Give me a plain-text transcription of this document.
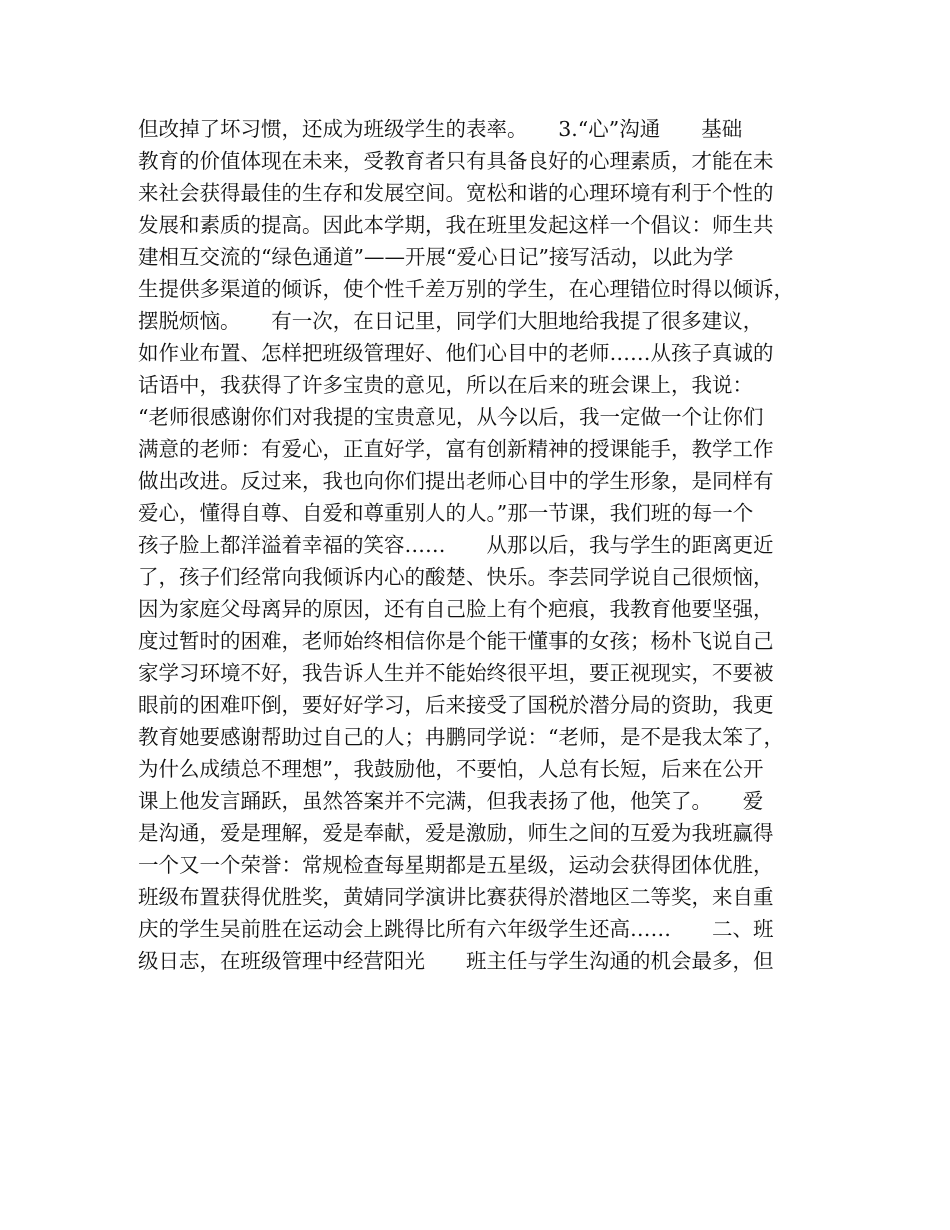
但改掉了坏习惯，还成为班级学生的表率。　　3.“心”沟通　　基础
教育的价值体现在未来，受教育者只有具备良好的心理素质，才能在未
来社会获得最佳的生存和发展空间。宽松和谐的心理环境有利于个性的
发展和素质的提高。因此本学期，我在班里发起这样一个倡议：师生共
建相互交流的“绿色通道”——开展“爱心日记”接写活动，以此为学
生提供多渠道的倾诉，使个性千差万别的学生，在心理错位时得以倾诉，
摆脱烦恼。　　有一次，在日记里，同学们大胆地给我提了很多建议，
如作业布置、怎样把班级管理好、他们心目中的老师……从孩子真诚的
话语中，我获得了许多宝贵的意见，所以在后来的班会课上，我说：
“老师很感谢你们对我提的宝贵意见，从今以后，我一定做一个让你们
满意的老师：有爱心，正直好学，富有创新精神的授课能手，教学工作
做出改进。反过来，我也向你们提出老师心目中的学生形象，是同样有
爱心，懂得自尊、自爱和尊重别人的人。”那一节课，我们班的每一个
孩子脸上都洋溢着幸福的笑容……　　从那以后，我与学生的距离更近
了，孩子们经常向我倾诉内心的酸楚、快乐。李芸同学说自己很烦恼，
因为家庭父母离异的原因，还有自己脸上有个疤痕，我教育他要坚强，
度过暂时的困难，老师始终相信你是个能干懂事的女孩；杨朴飞说自己
家学习环境不好，我告诉人生并不能始终很平坦，要正视现实，不要被
眼前的困难吓倒，要好好学习，后来接受了国税於潜分局的资助，我更
教育她要感谢帮助过自己的人；冉鹏同学说：“老师，是不是我太笨了，
为什么成绩总不理想”，我鼓励他，不要怕，人总有长短，后来在公开
课上他发言踊跃，虽然答案并不完满，但我表扬了他，他笑了。　　爱
是沟通，爱是理解，爱是奉献，爱是激励，师生之间的互爱为我班赢得
一个又一个荣誉：常规检查每星期都是五星级，运动会获得团体优胜，
班级布置获得优胜奖，黄婧同学演讲比赛获得於潜地区二等奖，来自重
庆的学生吴前胜在运动会上跳得比所有六年级学生还高……　　二、班
级日志，在班级管理中经营阳光　　班主任与学生沟通的机会最多，但
